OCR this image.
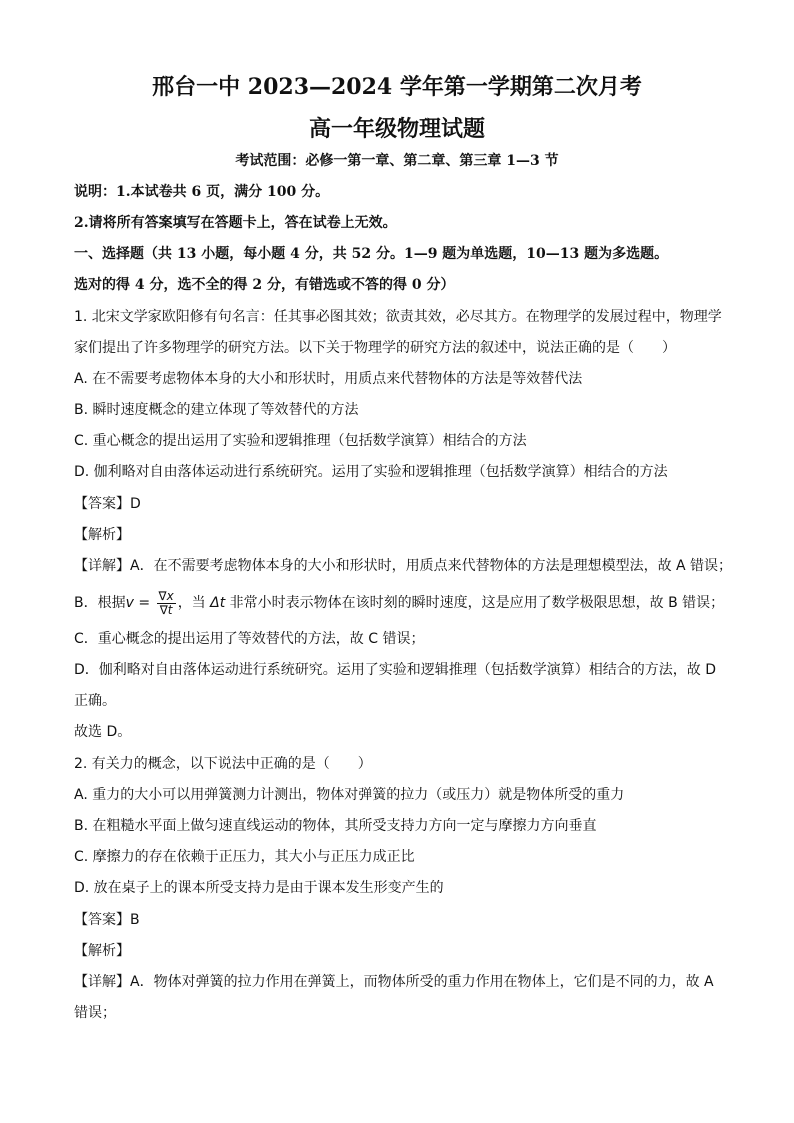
邢台一中 2023—2024 学年第一学期第二次月考
高一年级物理试题
考试范围：必修一第一章、第二章、第三章 1—3 节
说明：1.本试卷共 6 页，满分 100 分。
2.请将所有答案填写在答题卡上，答在试卷上无效。
一、选择题（共 13 小题，每小题 4 分，共 52 分。1—9 题为单选题，10—13 题为多选题。
选对的得 4 分，选不全的得 2 分，有错选或不答的得 0 分）
1. 北宋文学家欧阳修有句名言：任其事必图其效；欲责其效，必尽其方。在物理学的发展过程中，物理学
家们提出了许多物理学的研究方法。以下关于物理学的研究方法的叙述中，说法正确的是（　　）
A. 在不需要考虑物体本身的大小和形状时，用质点来代替物体的方法是等效替代法
B. 瞬时速度概念的建立体现了等效替代的方法
C. 重心概念的提出运用了实验和逻辑推理（包括数学演算）相结合的方法
D. 伽利略对自由落体运动进行系统研究。运用了实验和逻辑推理（包括数学演算）相结合的方法
【答案】D
【解析】
【详解】A．在不需要考虑物体本身的大小和形状时，用质点来代替物体的方法是理想模型法，故 A 错误；
B．根据$v = \frac{\nabla x}{\nabla t}$ ，当 Δt 非常小时表示物体在该时刻的瞬时速度，这是应用了数学极限思想，故 B 错误；
C．重心概念的提出运用了等效替代的方法，故 C 错误；
D．伽利略对自由落体运动进行系统研究。运用了实验和逻辑推理（包括数学演算）相结合的方法，故 D
正确。
故选 D。
2. 有关力的概念，以下说法中正确的是（　　）
A. 重力的大小可以用弹簧测力计测出，物体对弹簧的拉力（或压力）就是物体所受的重力
B. 在粗糙水平面上做匀速直线运动的物体，其所受支持力方向一定与摩擦力方向垂直
C. 摩擦力的存在依赖于正压力，其大小与正压力成正比
D. 放在桌子上的课本所受支持力是由于课本发生形变产生的
【答案】B
【解析】
【详解】A．物体对弹簧的拉力作用在弹簧上，而物体所受的重力作用在物体上，它们是不同的力，故 A
错误；
